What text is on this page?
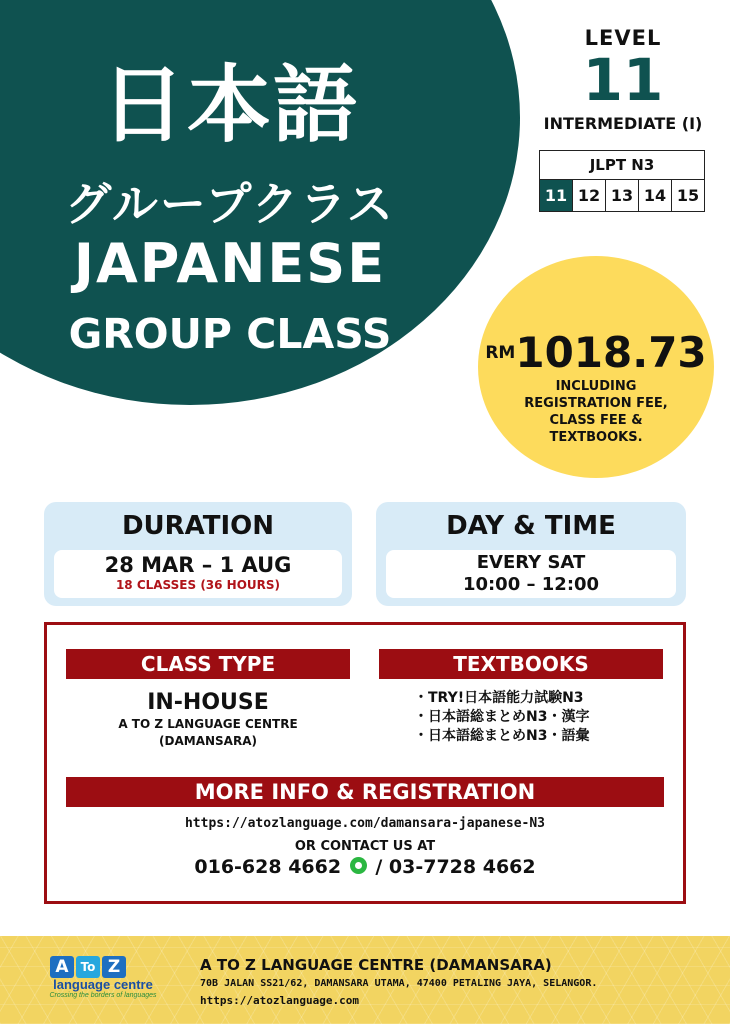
日本語
グループクラス
JAPANESE
GROUP CLASS
LEVEL
11
INTERMEDIATE (I)
JLPT N3
11 12 13 14 15
RM1018.73
INCLUDING
REGISTRATION FEE,
CLASS FEE &
TEXTBOOKS.
DURATION
28 MAR – 1 AUG
18 CLASSES (36 HOURS)
DAY & TIME
EVERY SAT
10:00 – 12:00
CLASS TYPE
IN-HOUSE
A TO Z LANGUAGE CENTRE
(DAMANSARA)
TEXTBOOKS
・ TRY!日本語能力試験N3
・ 日本語総まとめN3・漢字
・ 日本語総まとめN3・語彙
MORE INFO & REGISTRATION
https://atozlanguage.com/damansara-japanese-N3
OR CONTACT US AT
016-628 4662 / 03-7728 4662
A	To Z
language centre
Crossing the borders of languages
A TO Z LANGUAGE CENTRE (DAMANSARA)
70B JALAN SS21/62, DAMANSARA UTAMA, 47400 PETALING JAYA, SELANGOR.
https://atozlanguage.com
